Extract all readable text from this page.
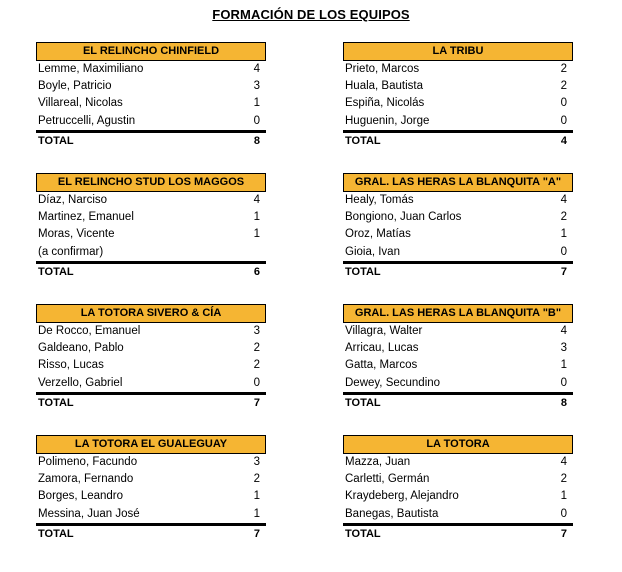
FORMACIÓN DE LOS EQUIPOS
EL RELINCHO CHINFIELD
Lemme, Maximiliano	4
Boyle, Patricio	3
Villareal, Nicolas	1
Petruccelli, Agustin	0
TOTAL	8
LA TRIBU
Prieto, Marcos	2
Huala, Bautista	2
Espiña, Nicolás	0
Huguenin, Jorge	0
TOTAL	4
EL RELINCHO STUD LOS MAGGOS
Díaz, Narciso	4
Martinez, Emanuel	1
Moras, Vicente	1
(a confirmar)
TOTAL	6
GRAL. LAS HERAS LA BLANQUITA "A"
Healy, Tomás	4
Bongiono, Juan Carlos	2
Oroz, Matías	1
Gioia, Ivan	0
TOTAL	7
LA TOTORA SIVERO & CÍA
De Rocco, Emanuel	3
Galdeano, Pablo	2
Risso, Lucas	2
Verzello, Gabriel	0
TOTAL	7
GRAL. LAS HERAS LA BLANQUITA "B"
Villagra, Walter	4
Arricau, Lucas	3
Gatta, Marcos	1
Dewey, Secundino	0
TOTAL	8
LA TOTORA EL GUALEGUAY
Polimeno, Facundo	3
Zamora, Fernando	2
Borges, Leandro	1
Messina, Juan José	1
TOTAL	7
LA TOTORA
Mazza, Juan	4
Carletti, Germán	2
Kraydeberg, Alejandro	1
Banegas, Bautista	0
TOTAL	7
